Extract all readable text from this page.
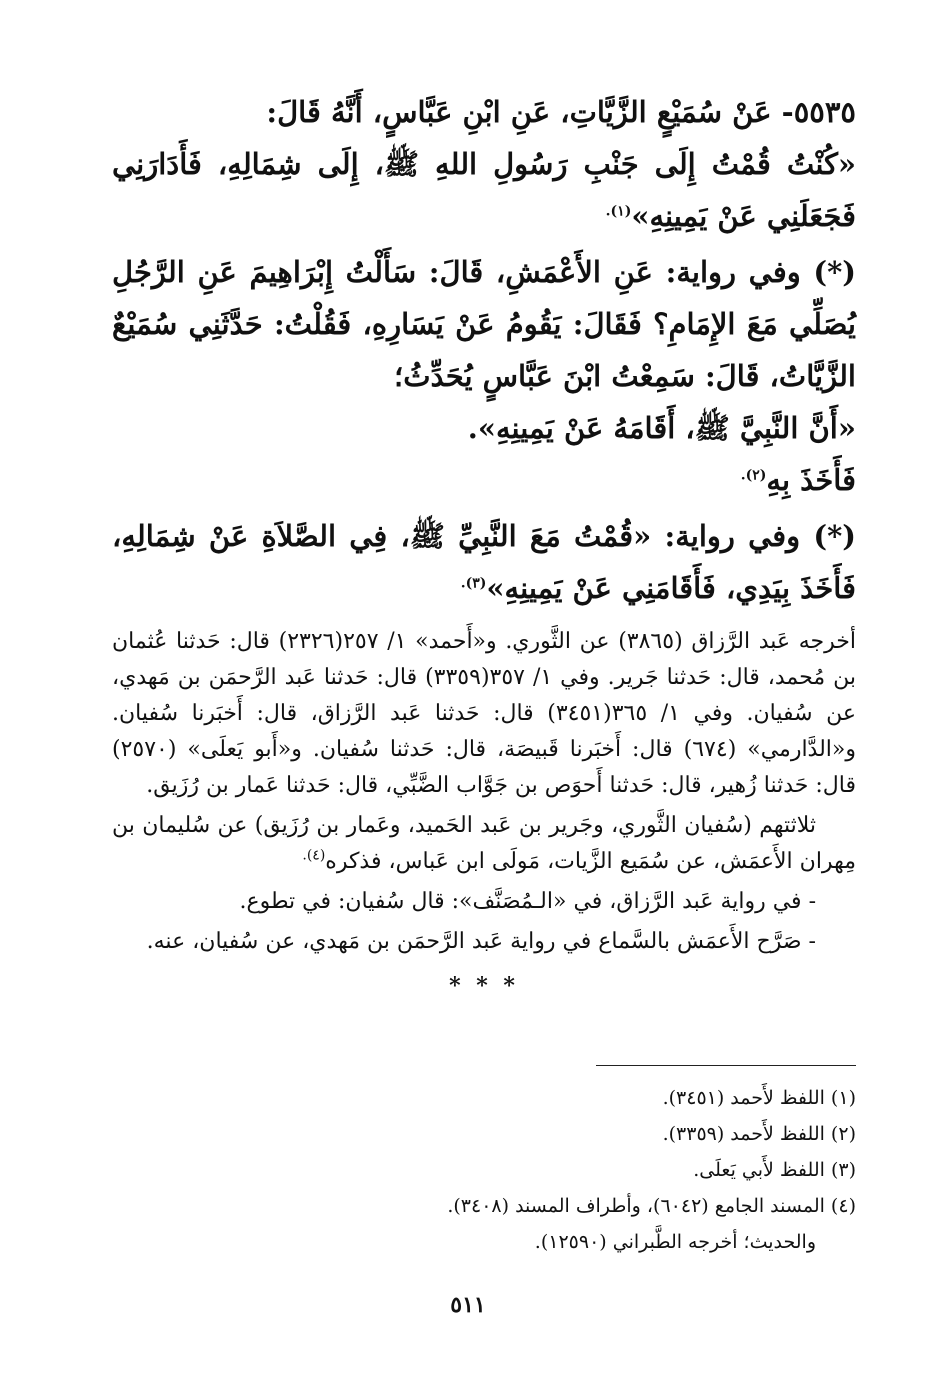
٥٥٣٥- عَنْ سُمَيْعٍ الزَّيَّاتِ، عَنِ ابْنِ عَبَّاسٍ، أَنَّهُ قَالَ:

«كُنْتُ قُمْتُ إِلَى جَنْبِ رَسُولِ اللهِ ﷺ، إِلَى شِمَالِهِ، فَأَدَارَنِي فَجَعَلَنِي عَنْ يَمِينِهِ»$^{(١).}$

(*) وفي رواية: عَنِ الأَعْمَشِ، قَالَ: سَأَلْتُ إِبْرَاهِيمَ عَنِ الرَّجُلِ يُصَلِّي مَعَ الإِمَامِ؟ فَقَالَ: يَقُومُ عَنْ يَسَارِهِ، فَقُلْتُ: حَدَّثَنِي سُمَيْعٌ الزَّيَّاتُ، قَالَ: سَمِعْتُ ابْنَ عَبَّاسٍ يُحَدِّثُ؛

«أَنَّ النَّبِيَّ ﷺ، أَقَامَهُ عَنْ يَمِينِهِ».

فَأَخَذَ بِهِ$^{(٢).}$

(*) وفي رواية: «قُمْتُ مَعَ النَّبِيِّ ﷺ، فِي الصَّلاَةِ عَنْ شِمَالِهِ، فَأَخَذَ بِيَدِي، فَأَقَامَنِي عَنْ يَمِينِهِ»$^{(٣).}$

أخرجه عَبد الرَّزاق (٣٨٦٥) عن الثَّوري. و«أَحمد» ١/ ٢٥٧(٢٣٢٦) قال: حَدثنا عُثمان بن مُحمد، قال: حَدثنا جَرير. وفي ١/ ٣٥٧(٣٣٥٩) قال: حَدثنا عَبد الرَّحمَن بن مَهدي، عن سُفيان. وفي ١/ ٣٦٥(٣٤٥١) قال: حَدثنا عَبد الرَّزاق، قال: أَخبَرنا سُفيان. و«الدَّارمي» (٦٧٤) قال: أَخبَرنا قَبيصَة، قال: حَدثنا سُفيان. و«أَبو يَعلَى» (٢٥٧٠) قال: حَدثنا زُهير، قال: حَدثنا أَحوَص بن جَوَّاب الضَّبِّي، قال: حَدثنا عَمار بن رُزَيق.

ثلاثتهم (سُفيان الثَّوري، وجَرير بن عَبد الحَميد، وعَمار بن رُزَيق) عن سُليمان بن مِهران الأَعمَش، عن سُمَيع الزَّيات، مَولَى ابن عَباس، فذكره$^{(٤).}$

- في رواية عَبد الرَّزاق، في «الـمُصَنَّف»: قال سُفيان: في تطوع.

- صَرَّح الأَعمَش بالسَّماع في رواية عَبد الرَّحمَن بن مَهدي، عن سُفيان، عنه.

* * *
(١) اللفظ لأَحمد (٣٤٥١).
(٢) اللفظ لأَحمد (٣٣٥٩).
(٣) اللفظ لأَبي يَعلَى.
(٤) المسند الجامع (٦٠٤٢)، وأطراف المسند (٣٤٠٨).
والحديث؛ أخرجه الطَّبراني (١٢٥٩٠).
٥١١
